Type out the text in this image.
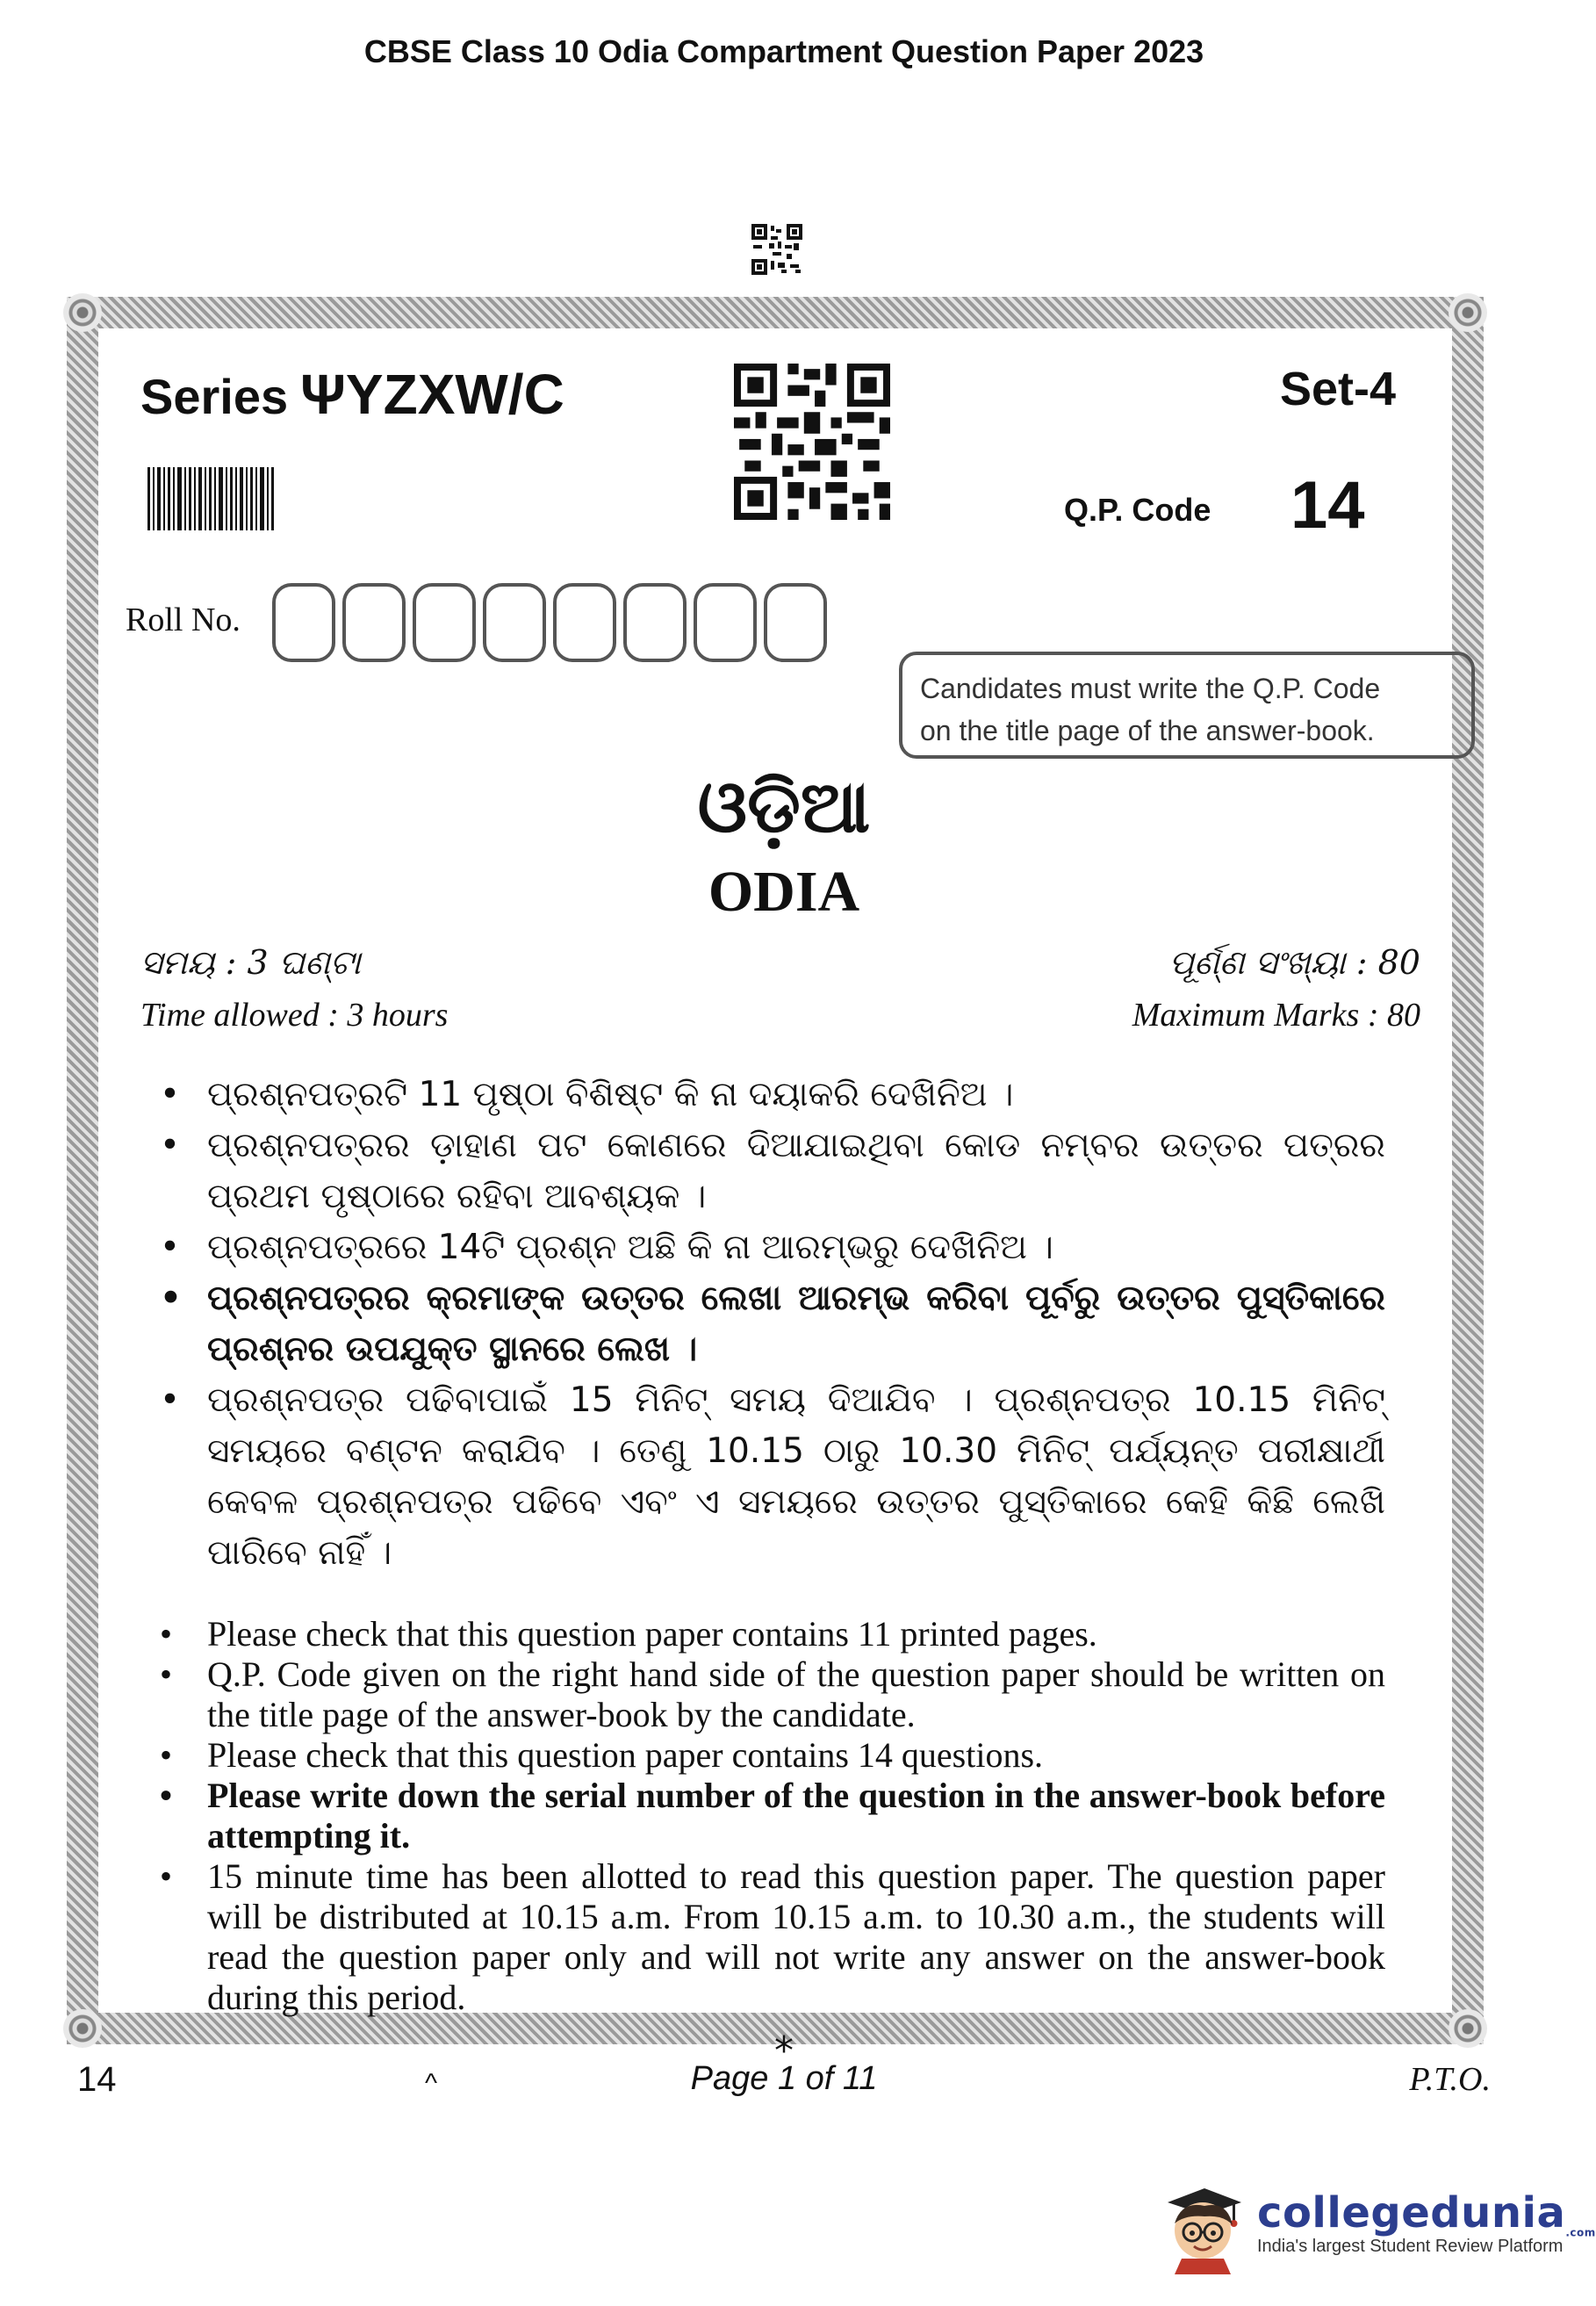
CBSE Class 10 Odia Compartment Question Paper 2023
Series ΨYZXW/C	Set-4
Q.P. Code 14
Roll No.
Candidates must write the Q.P. Code
on the title page of the answer-book.
ଓଡ଼ିଆ
ODIA
ସମୟ : 3 ଘଣ୍ଟା	ପୂର୍ଣ୍ଣ ସଂଖ୍ୟା : 80
Time allowed : 3 hours	Maximum Marks : 80
• ପ୍ରଶ୍ନପତ୍ରଟି 11 ପୃଷ୍ଠା ବିଶିଷ୍ଟ କି ନା ଦୟାକରି ଦେଖିନିଅ ।
• ପ୍ରଶ୍ନପତ୍ରର ଡ଼ାହାଣ ପଟ କୋଣରେ ଦିଆଯାଇଥିବା କୋଡ ନମ୍ବର ଉତ୍ତର ପତ୍ରର ପ୍ରଥମ ପୃଷ୍ଠାରେ ରହିବା ଆବଶ୍ୟକ ।
• ପ୍ରଶ୍ନପତ୍ରରେ 14ଟି ପ୍ରଶ୍ନ ଅଛି କି ନା ଆରମ୍ଭରୁ ଦେଖିନିଅ ।
• ପ୍ରଶ୍ନପତ୍ରର କ୍ରମାଙ୍କ ଉତ୍ତର ଲେଖା ଆରମ୍ଭ କରିବା ପୂର୍ବରୁ ଉତ୍ତର ପୁସ୍ତିକାରେ ପ୍ରଶ୍ନର ଉପଯୁକ୍ତ ସ୍ଥାନରେ ଲେଖ ।
• ପ୍ରଶ୍ନପତ୍ର ପଢିବାପାଇଁ 15 ମିନିଟ୍ ସମୟ ଦିଆଯିବ । ପ୍ରଶ୍ନପତ୍ର 10.15 ମିନିଟ୍ ସମୟରେ ବଣ୍ଟନ କରାଯିବ । ତେଣୁ 10.15 ଠାରୁ 10.30 ମିନିଟ୍ ପର୍ଯ୍ୟନ୍ତ ପରୀକ୍ଷାର୍ଥୀ କେବଳ ପ୍ରଶ୍ନପତ୍ର ପଢିବେ ଏବଂ ଏ ସମୟରେ ଉତ୍ତର ପୁସ୍ତିକାରେ କେହି କିଛି ଲେଖି ପାରିବେ ନାହିଁ ।
• Please check that this question paper contains 11 printed pages.
• Q.P. Code given on the right hand side of the question paper should be written on the title page of the answer-book by the candidate.
• Please check that this question paper contains 14 questions.
• Please write down the serial number of the question in the answer-book before attempting it.
• 15 minute time has been allotted to read this question paper. The question paper will be distributed at 10.15 a.m. From 10.15 a.m. to 10.30 a.m., the students will read the question paper only and will not write any answer on the answer-book during this period.
*
14	^	Page 1 of 11	P.T.O.
collegedunia$_{.com}$
India's largest Student Review Platform
